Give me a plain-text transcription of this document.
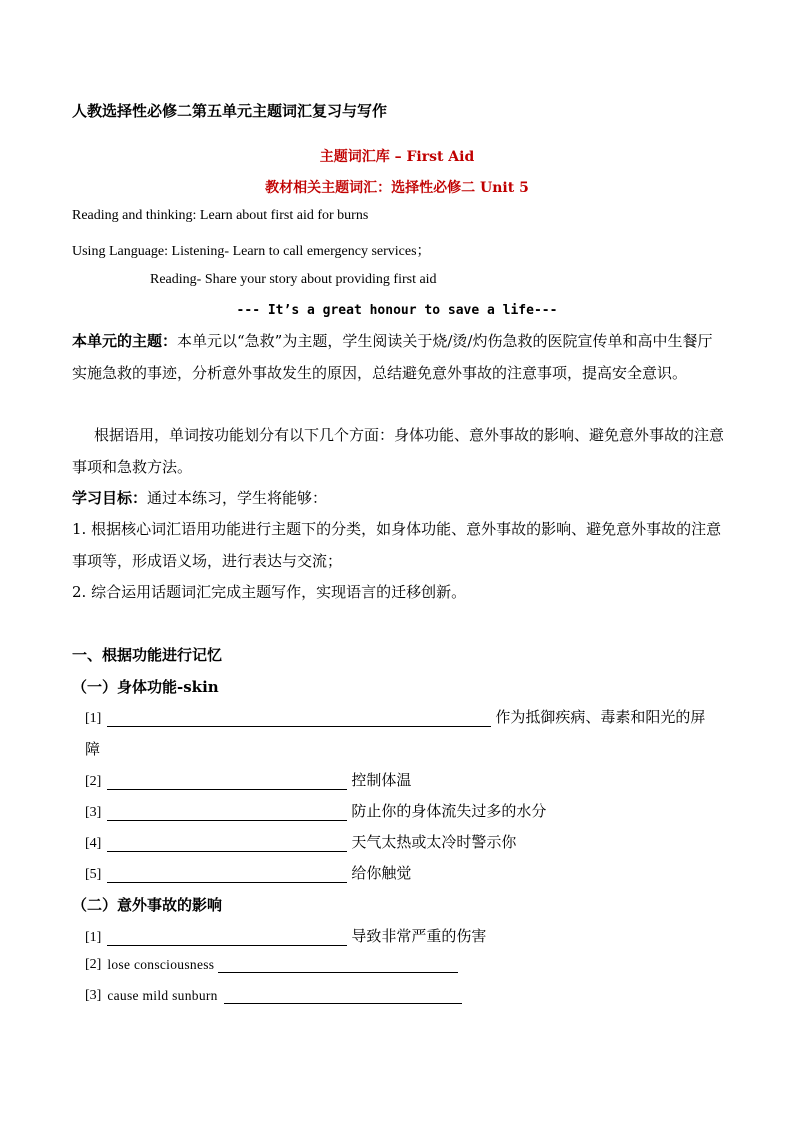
人教选择性必修二第五单元主题词汇复习与写作
主题词汇库 – First Aid
教材相关主题词汇：选择性必修二 Unit 5
Reading and thinking: Learn about first aid for burns
Using Language: Listening- Learn to call emergency services；
Reading- Share your story about providing first aid
--- It’s a great honour to save a life---
本单元的主题：本单元以“急救”为主题，学生阅读关于烧/烫/灼伤急救的医院宣传单和高中生餐厅实施急救的事迹，分析意外事故发生的原因，总结避免意外事故的注意事项，提高安全意识。
根据语用，单词按功能划分有以下几个方面：身体功能、意外事故的影响、避免意外事故的注意事项和急救方法。
学习目标：通过本练习，学生将能够：
1. 根据核心词汇语用功能进行主题下的分类，如身体功能、意外事故的影响、避免意外事故的注意事项等，形成语义场，进行表达与交流；
2. 综合运用话题词汇完成主题写作，实现语言的迁移创新。
一、根据功能进行记忆
（一）身体功能-skin
[1]	作为抵御疾病、毒素和阳光的屏
障
[2]	控制体温
[3]	防止你的身体流失过多的水分
[4]	天气太热或太冷时警示你
[5]	给你触觉
（二）意外事故的影响
[1]	导致非常严重的伤害
[2] lose consciousness
[3] cause mild sunburn
